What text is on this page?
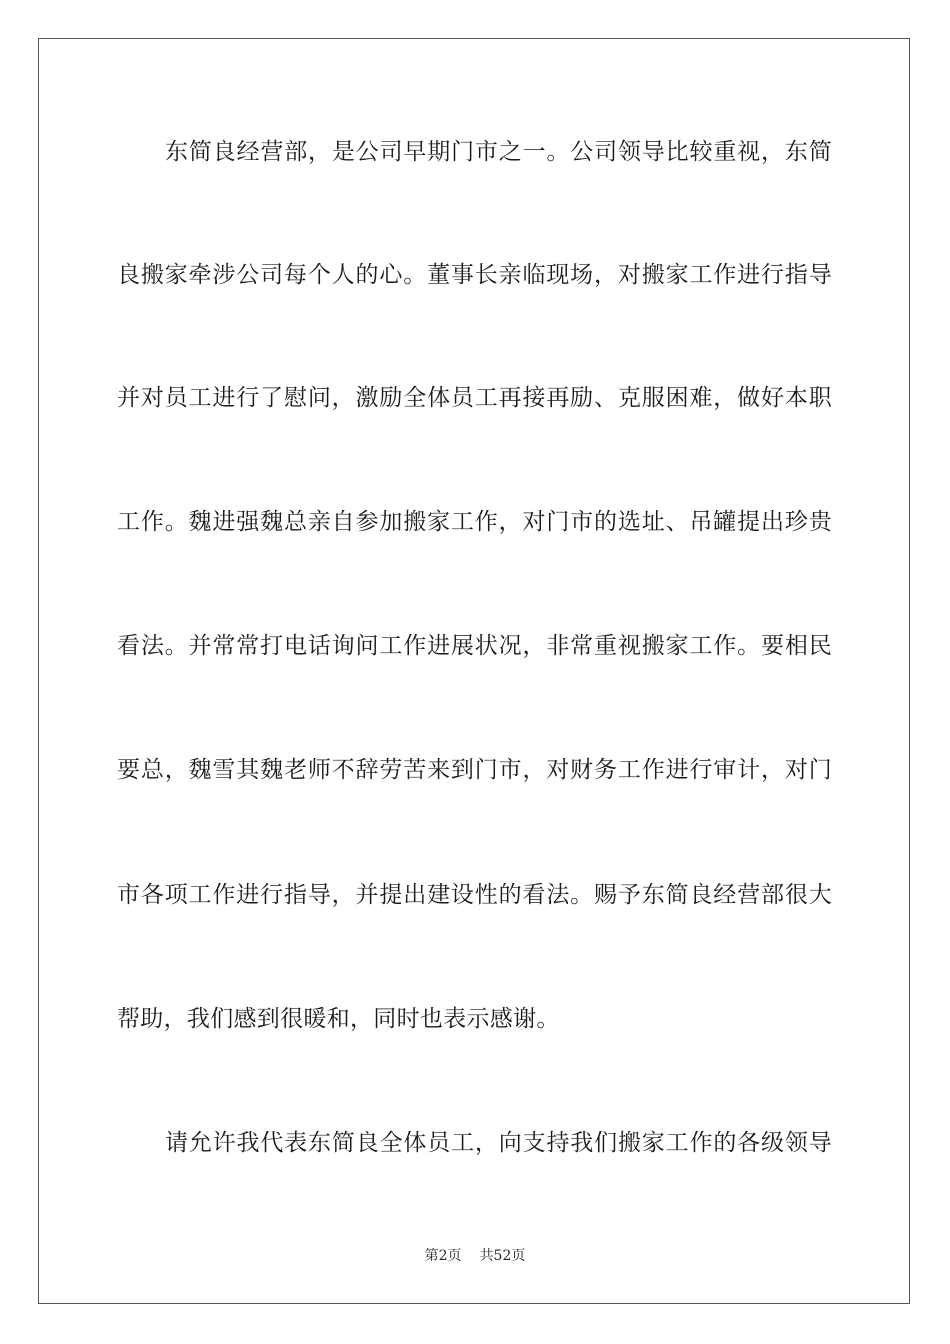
东简良经营部，是公司早期门市之一。公司领导比较重视，东简
良搬家牵涉公司每个人的心。董事长亲临现场，对搬家工作进行指导
并对员工进行了慰问，激励全体员工再接再励、克服困难，做好本职
工作。魏进强魏总亲自参加搬家工作，对门市的选址、吊罐提出珍贵
看法。并常常打电话询问工作进展状况，非常重视搬家工作。要相民
要总，魏雪其魏老师不辞劳苦来到门市，对财务工作进行审计，对门
市各项工作进行指导，并提出建设性的看法。赐予东简良经营部很大
帮助，我们感到很暖和，同时也表示感谢。
请允许我代表东简良全体员工，向支持我们搬家工作的各级领导
第2页 共52页
